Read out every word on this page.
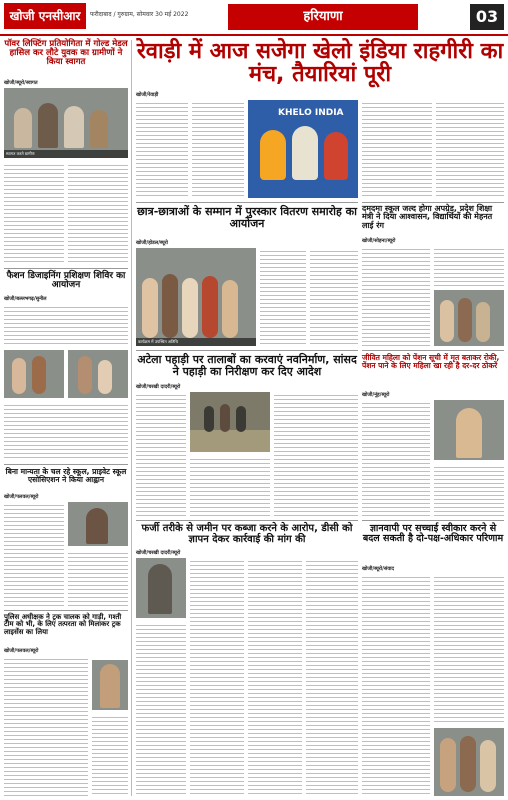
खोजी एनसीआर	फरीदाबाद / गुरुग्राम, सोमवार 30 मई 2022	हरियाणा	03
पॉवर लिफ्टिंग प्रतियोगिता में गोल्ड मेडल हासिल कर लौटे युवक का ग्रामीणों ने किया स्वागत
खोजी/ब्यूरो/स्वागत
स्वागत करते ग्रामीण
फैशन डिजाइनिंग प्रशिक्षण शिविर का आयोजन
खोजी/बल्लभगढ़/सुनील
बिना मान्यता के चल रहे स्कूल, प्राइवेट स्कूल एसोसिएशन ने किया आह्वान
खोजी/पलवल/ब्यूरो
पुलिस अधीक्षक ने ट्रक चालक को गाड़ी, गश्ती टीम को भी, के लिए तत्परता को मिलाकर ट्रक लाइसेंस का लिया
खोजी/पलवल/ब्यूरो
रेवाड़ी में आज सजेगा खेलो इंडिया राहगीरी का मंच, तैयारियां पूरी
खोजी/रेवाड़ी
KHELO INDIA
दमदमा स्कूल जल्द होगा अपग्रेड, प्रदेश शिक्षा मंत्री ने दिया आश्वासन, विद्यार्थियों की मेहनत लाई रंग
खोजी/सोहना/ब्यूरो
छात्र-छात्राओं के सम्मान में पुरस्कार वितरण समारोह का आयोजन
खोजी/होडल/ब्यूरो
कार्यक्रम में उपस्थित अतिथि
अटेला पहाड़ी पर तालाबों का करवाएं नवनिर्माण, सांसद ने पहाड़ी का निरीक्षण कर दिए आदेश
खोजी/चरखी दादरी/ब्यूरो
जीवित महिला को पेंशन सूची में मृत बताकर रोकी, पेंशन पाने के लिए महिला खा रही है दर-दर ठोकरें
खोजी/नूंह/ब्यूरो
फर्जी तरीके से जमीन पर कब्जा करने के आरोप, डीसी को ज्ञापन देकर कार्रवाई की मांग की
खोजी/चरखी दादरी/ब्यूरो
ज्ञानवापी पर सच्चाई स्वीकार करने से बदल सकती है दो-पक्ष-अधिकार परिणाम
खोजी/ब्यूरो/संवाद
